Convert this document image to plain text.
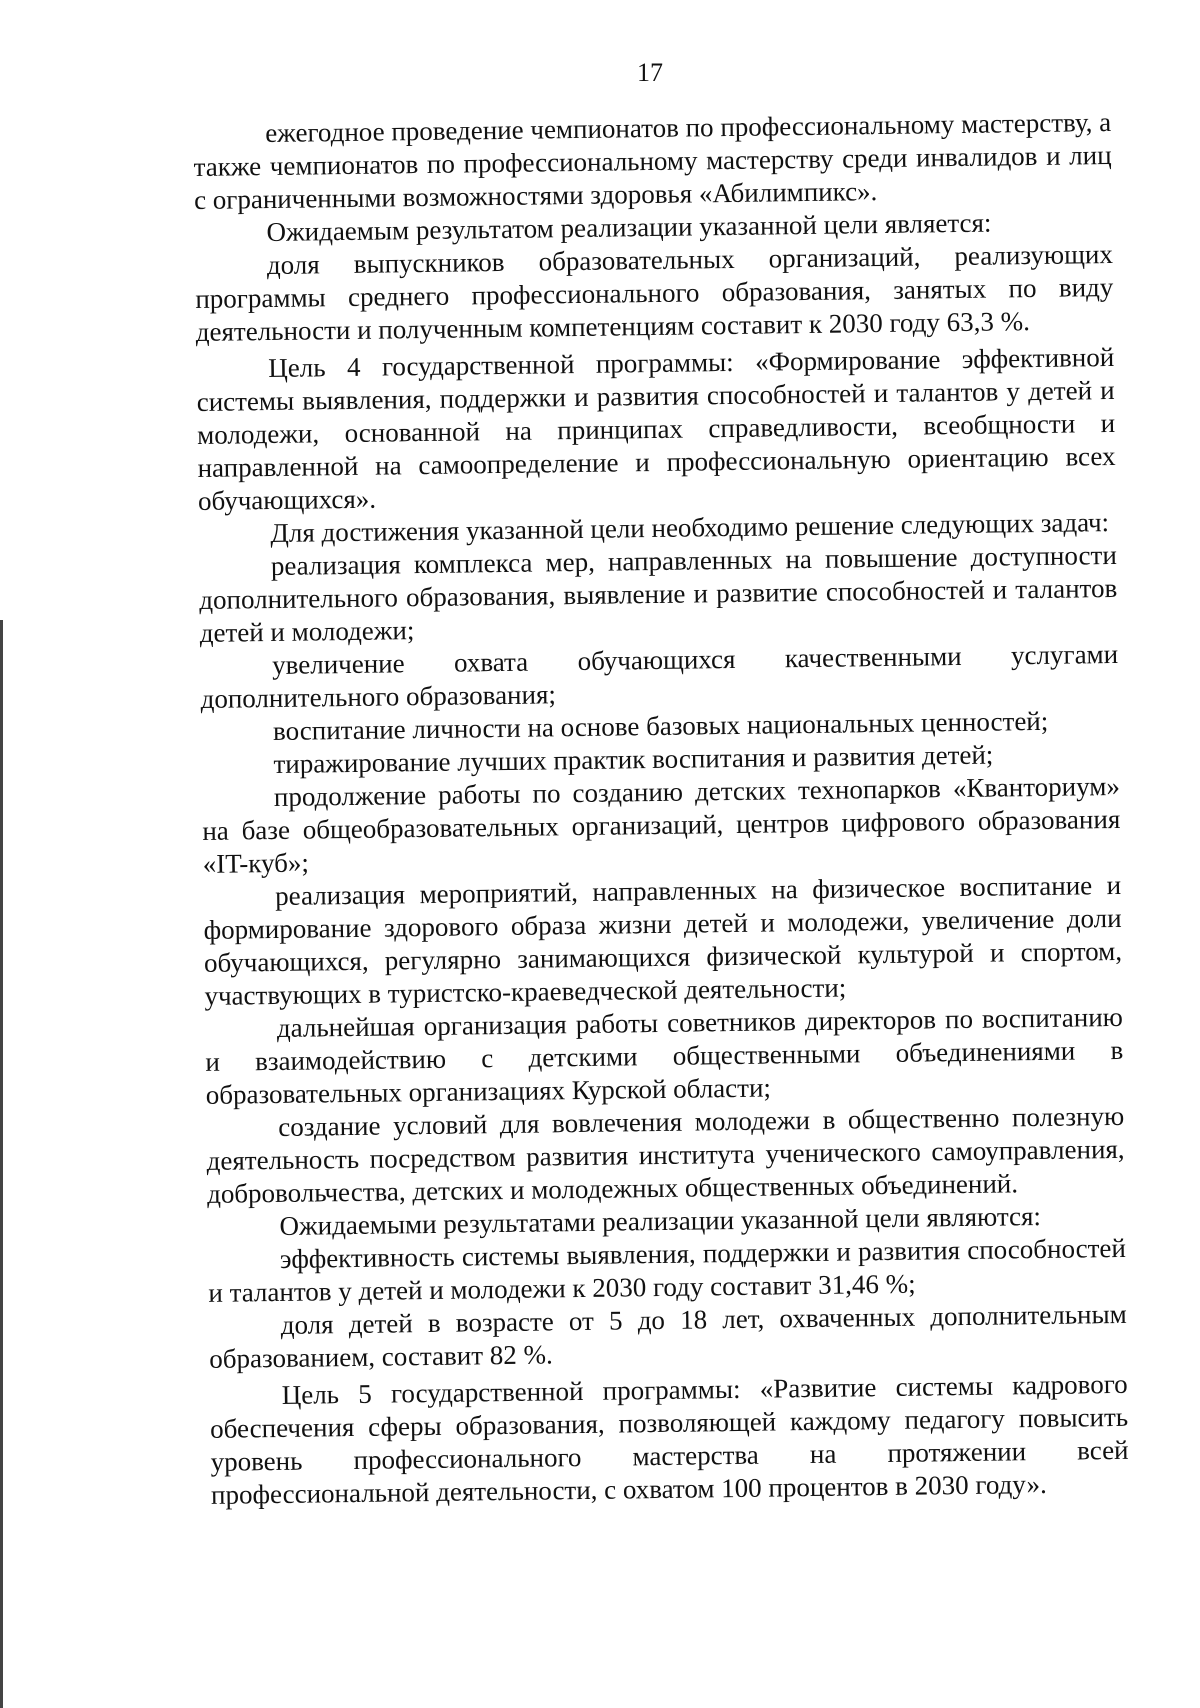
17

ежегодное проведение чемпионатов по профессиональному мастерству, а также чемпионатов по профессиональному мастерству среди инвалидов и лиц с ограниченными возможностями здоровья «Абилимпикс».

Ожидаемым результатом реализации указанной цели является:

доля выпускников образовательных организаций, реализующих программы среднего профессионального образования, занятых по виду деятельности и полученным компетенциям составит к 2030 году 63,3 %.

Цель 4 государственной программы: «Формирование эффективной системы выявления, поддержки и развития способностей и талантов у детей и молодежи, основанной на принципах справедливости, всеобщности и направленной на самоопределение и профессиональную ориентацию всех обучающихся».

Для достижения указанной цели необходимо решение следующих задач:

реализация комплекса мер, направленных на повышение доступности дополнительного образования, выявление и развитие способностей и талантов детей и молодежи;

увеличение охвата обучающихся качественными услугами дополнительного образования;

воспитание личности на основе базовых национальных ценностей;

тиражирование лучших практик воспитания и развития детей;

продолжение работы по созданию детских технопарков «Кванториум» на базе общеобразовательных организаций, центров цифрового образования «IT-куб»;

реализация мероприятий, направленных на физическое воспитание и формирование здорового образа жизни детей и молодежи, увеличение доли обучающихся, регулярно занимающихся физической культурой и спортом, участвующих в туристско-краеведческой деятельности;

дальнейшая организация работы советников директоров по воспитанию и взаимодействию с детскими общественными объединениями в образовательных организациях Курской области;

создание условий для вовлечения молодежи в общественно полезную деятельность посредством развития института ученического самоуправления, добровольчества, детских и молодежных общественных объединений.

Ожидаемыми результатами реализации указанной цели являются:

эффективность системы выявления, поддержки и развития способностей и талантов у детей и молодежи к 2030 году составит 31,46 %;

доля детей в возрасте от 5 до 18 лет, охваченных дополнительным образованием, составит 82 %.

Цель 5 государственной программы: «Развитие системы кадрового обеспечения сферы образования, позволяющей каждому педагогу повысить уровень профессионального мастерства на протяжении всей профессиональной деятельности, с охватом 100 процентов в 2030 году».
